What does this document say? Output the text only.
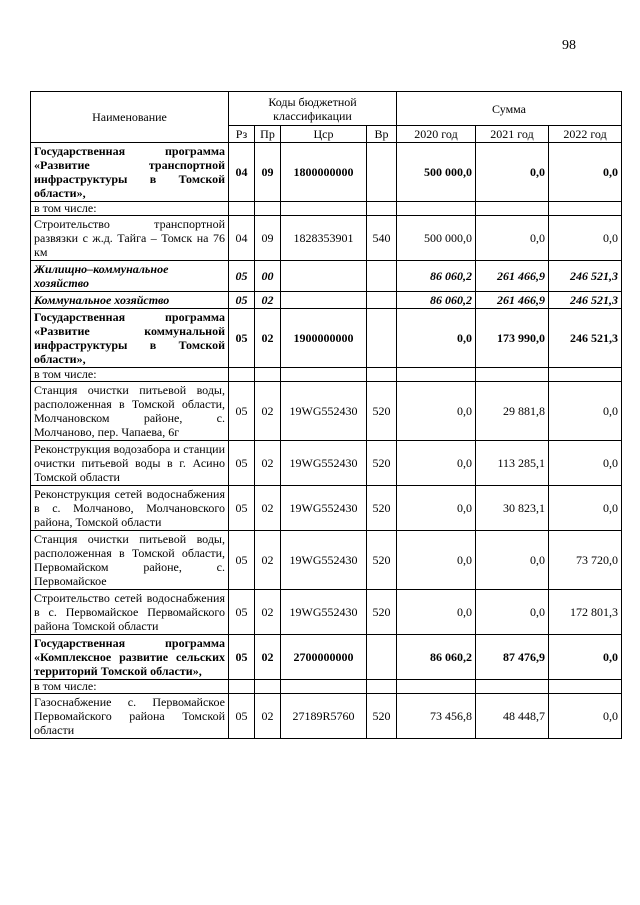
98
Наименование	Коды бюджетной классификации				Сумма		
	Рз	Пр	Цср	Вр	2020 год	2021 год	2022 год
Государственная программа «Развитие транспортной инфраструктуры в Томской области»,	04	09	1800000000		500 000,0	0,0	0,0
в том числе:							
Строительство транспортной развязки с ж.д. Тайга – Томск на 76 км	04	09	1828353901	540	500 000,0	0,0	0,0
Жилищно–коммунальное хозяйство	05	00			86 060,2	261 466,9	246 521,3
Коммунальное хозяйство	05	02			86 060,2	261 466,9	246 521,3
Государственная программа «Развитие коммунальной инфраструктуры в Томской области»,	05	02	1900000000		0,0	173 990,0	246 521,3
в том числе:							
Станция очистки питьевой воды, расположенная в Томской области, Молчановском районе, с. Молчаново, пер. Чапаева, 6г	05	02	19WG552430	520	0,0	29 881,8	0,0
Реконструкция водозабора и станции очистки питьевой воды в г. Асино Томской области	05	02	19WG552430	520	0,0	113 285,1	0,0
Реконструкция сетей водоснабжения в с. Молчаново, Молчановского района, Томской области	05	02	19WG552430	520	0,0	30 823,1	0,0
Станция очистки питьевой воды, расположенная в Томской области, Первомайском районе, с. Первомайское	05	02	19WG552430	520	0,0	0,0	73 720,0
Строительство сетей водоснабжения в с. Первомайское Первомайского района Томской области	05	02	19WG552430	520	0,0	0,0	172 801,3
Государственная программа «Комплексное развитие сельских территорий Томской области»,	05	02	2700000000		86 060,2	87 476,9	0,0
в том числе:							
Газоснабжение с. Первомайское Первомайского района Томской области	05	02	27189R5760	520	73 456,8	48 448,7	0,0
